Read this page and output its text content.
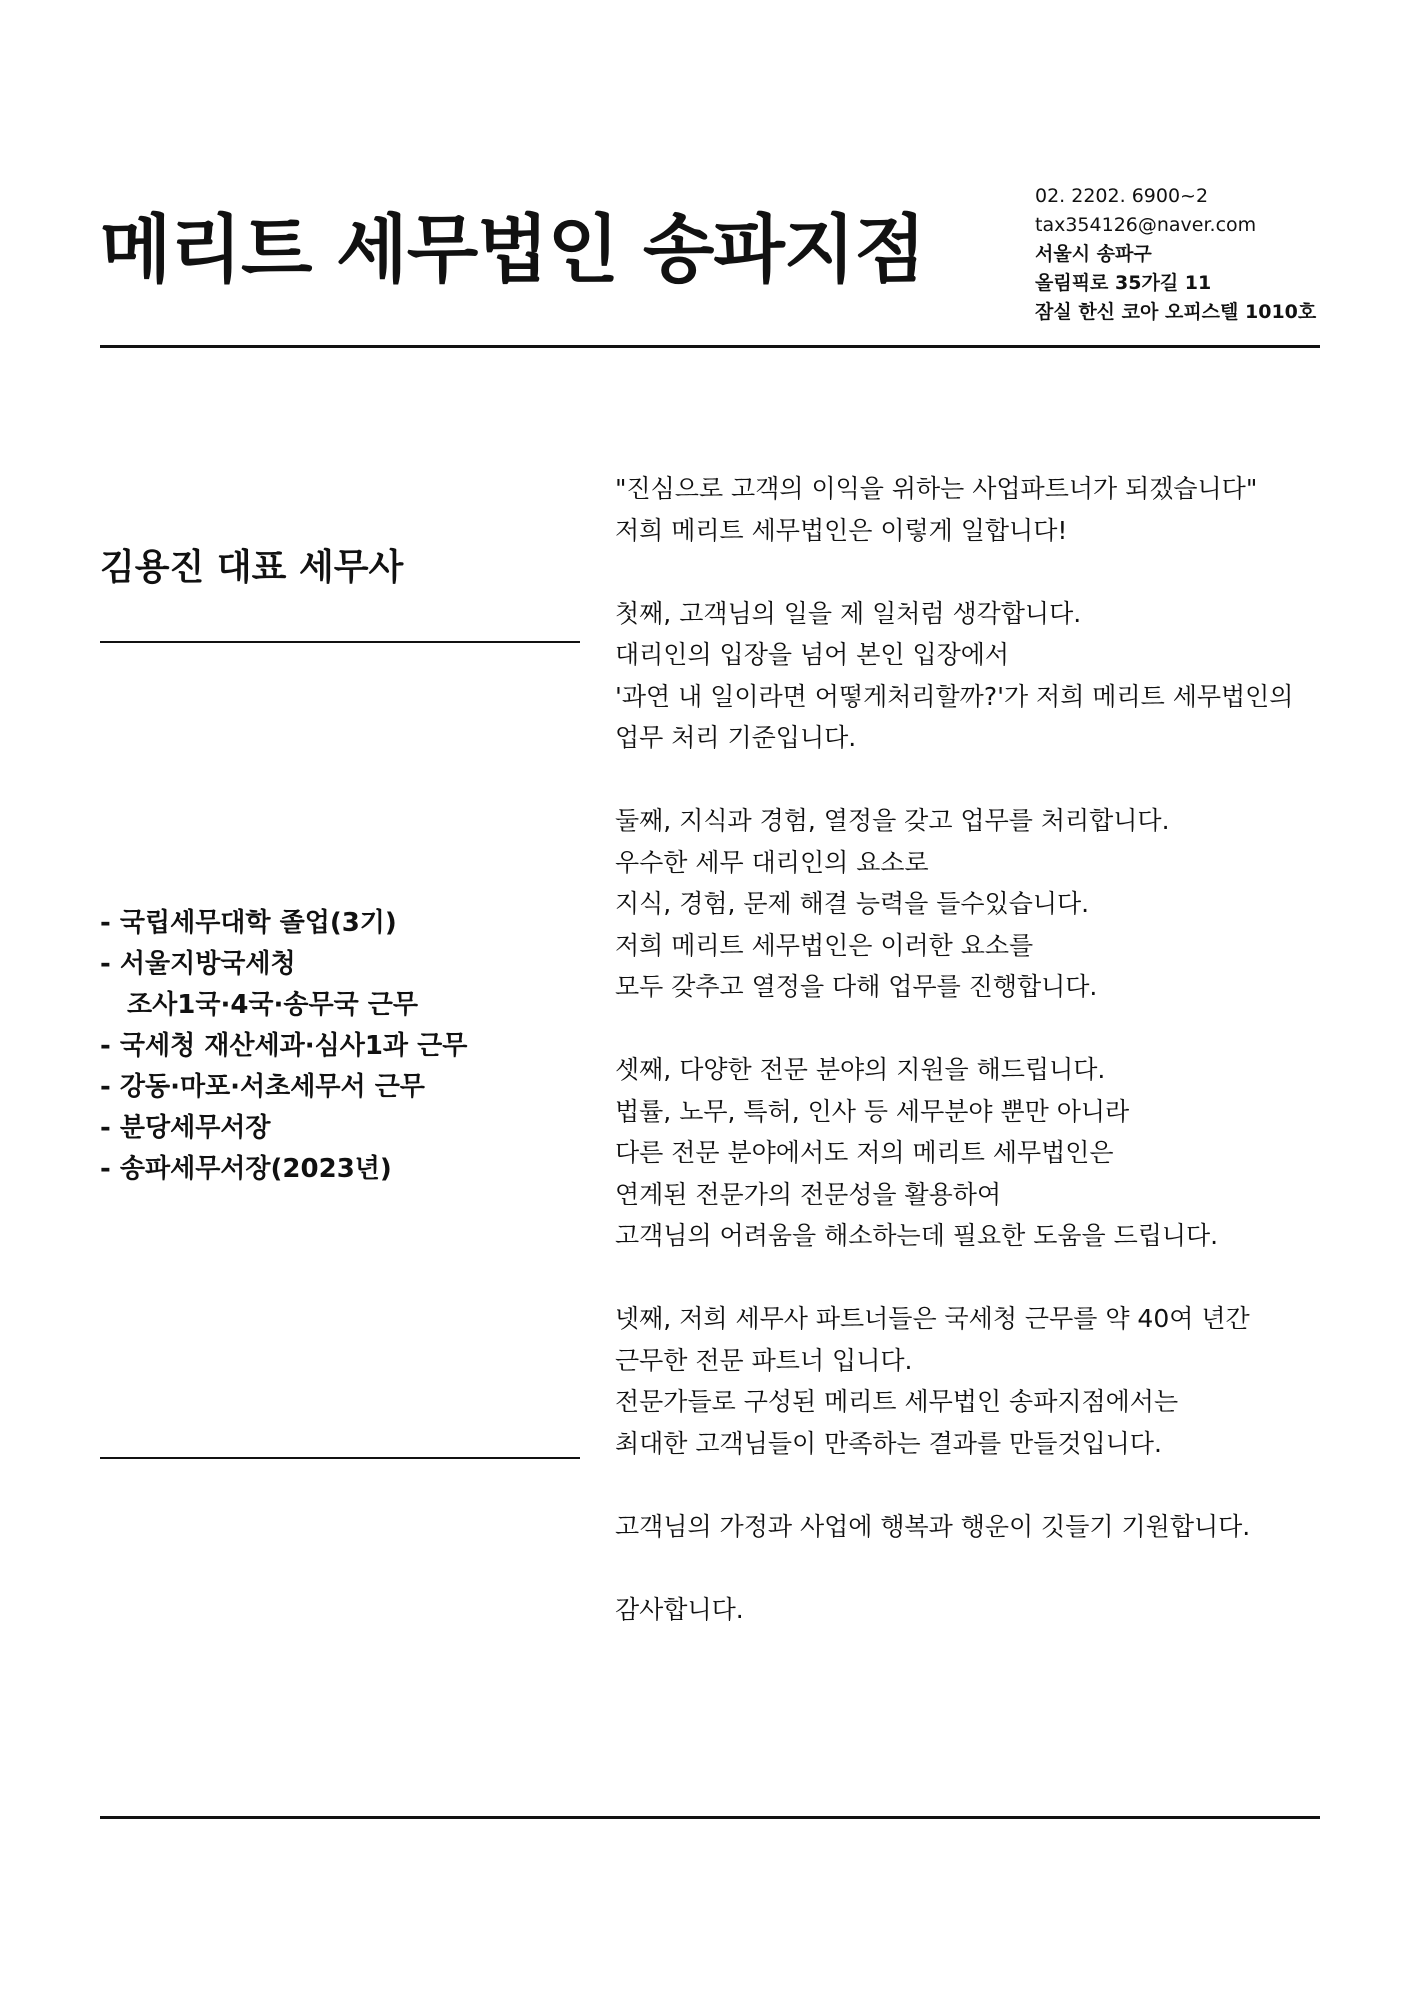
메리트 세무법인 송파지점
02. 2202. 6900~2
tax354126@naver.com
서울시 송파구
올림픽로 35가길 11
잠실 한신 코아 오피스텔 1010호
김용진 대표 세무사
- 국립세무대학 졸업(3기)
- 서울지방국세청
조사1국·4국·송무국 근무
- 국세청 재산세과·심사1과 근무
- 강동·마포·서초세무서 근무
- 분당세무서장
- 송파세무서장(2023년)
"진심으로 고객의 이익을 위하는 사업파트너가 되겠습니다"
저희 메리트 세무법인은 이렇게 일합니다!
첫째, 고객님의 일을 제 일처럼 생각합니다.
대리인의 입장을 넘어 본인 입장에서
'과연 내 일이라면 어떻게처리할까?'가 저희 메리트 세무법인의
업무 처리 기준입니다.
둘째, 지식과 경험, 열정을 갖고 업무를 처리합니다.
우수한 세무 대리인의 요소로
지식, 경험, 문제 해결 능력을 들수있습니다.
저희 메리트 세무법인은 이러한 요소를
모두 갖추고 열정을 다해 업무를 진행합니다.
셋째, 다양한 전문 분야의 지원을 해드립니다.
법률, 노무, 특허, 인사 등 세무분야 뿐만 아니라
다른 전문 분야에서도 저의 메리트 세무법인은
연계된 전문가의 전문성을 활용하여
고객님의 어려움을 해소하는데 필요한 도움을 드립니다.
넷째, 저희 세무사 파트너들은 국세청 근무를 약 40여 년간
근무한 전문 파트너 입니다.
전문가들로 구성된 메리트 세무법인 송파지점에서는
최대한 고객님들이 만족하는 결과를 만들것입니다.
고객님의 가정과 사업에 행복과 행운이 깃들기 기원합니다.
감사합니다.
